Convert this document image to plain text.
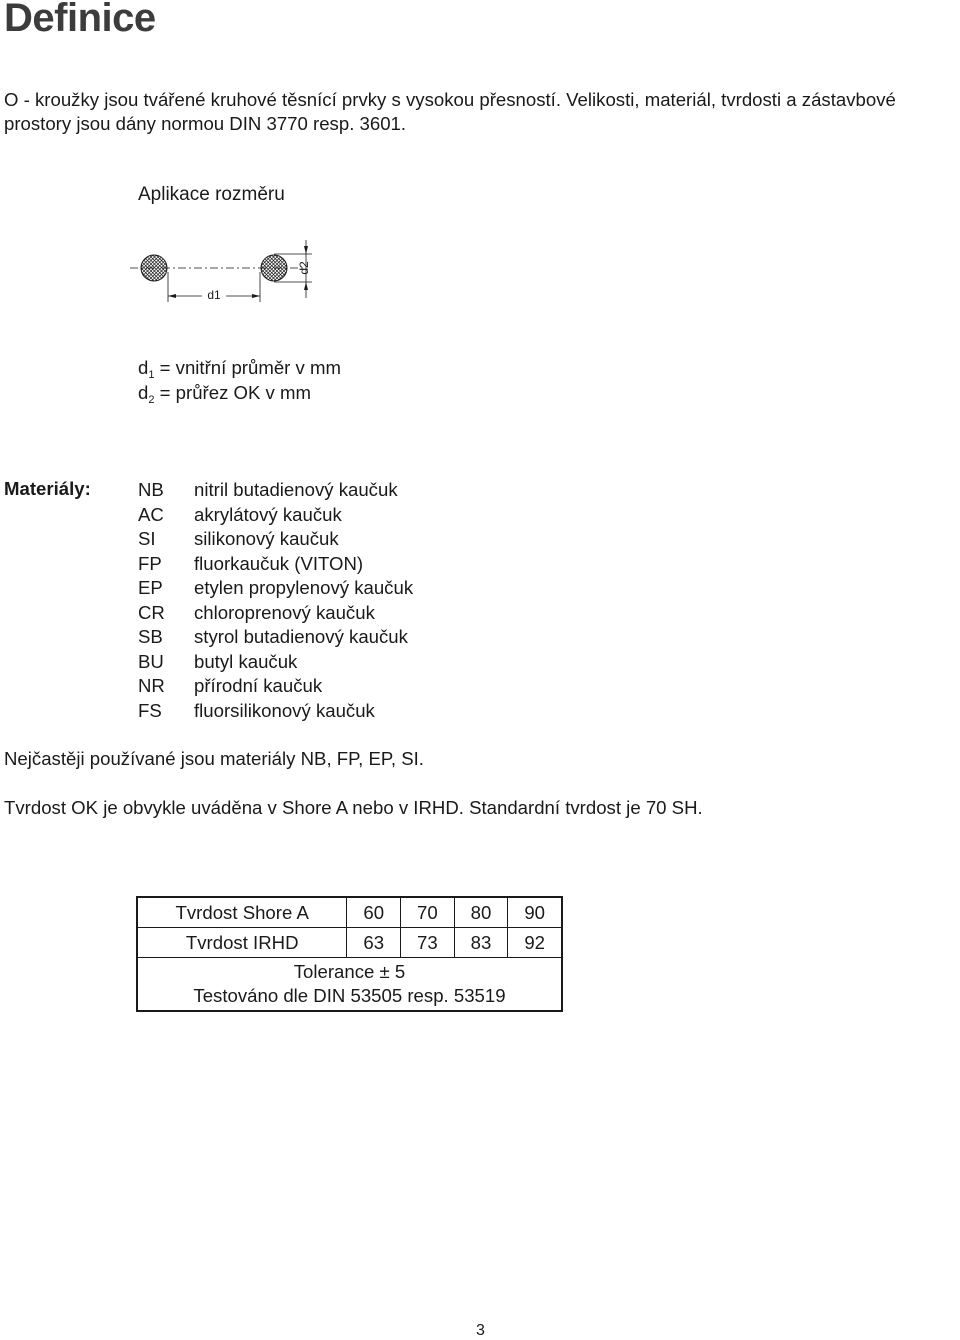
Definice

O - kroužky jsou tvářené kruhové těsnící prvky s vysokou přesností. Velikosti, materiál, tvrdosti a zástavbové prostory jsou dány normou DIN 3770 resp. 3601.

Aplikace rozměru

d1
d2
$d_1$ = vnitřní průměr v mm
$d_2$ = průřez OK v mm

Materiály:	NB	nitril butadienový kaučuk
AC	akrylátový kaučuk
SI	silikonový kaučuk
FP	fluorkaučuk (VITON)
EP	etylen propylenový kaučuk
CR	chloroprenový kaučuk
SB	styrol butadienový kaučuk
BU	butyl kaučuk
NR	přírodní kaučuk
FS	fluorsilikonový kaučuk

Nejčastěji používané jsou materiály NB, FP, EP, SI.

Tvrdost OK je obvykle uváděna v Shore A nebo v IRHD. Standardní tvrdost je 70 SH.

Tvrdost Shore A	60	70	80	90
Tvrdost IRHD	63	73	83	92

Tolerance ± 5
Testováno dle DIN 53505 resp. 53519				

3
